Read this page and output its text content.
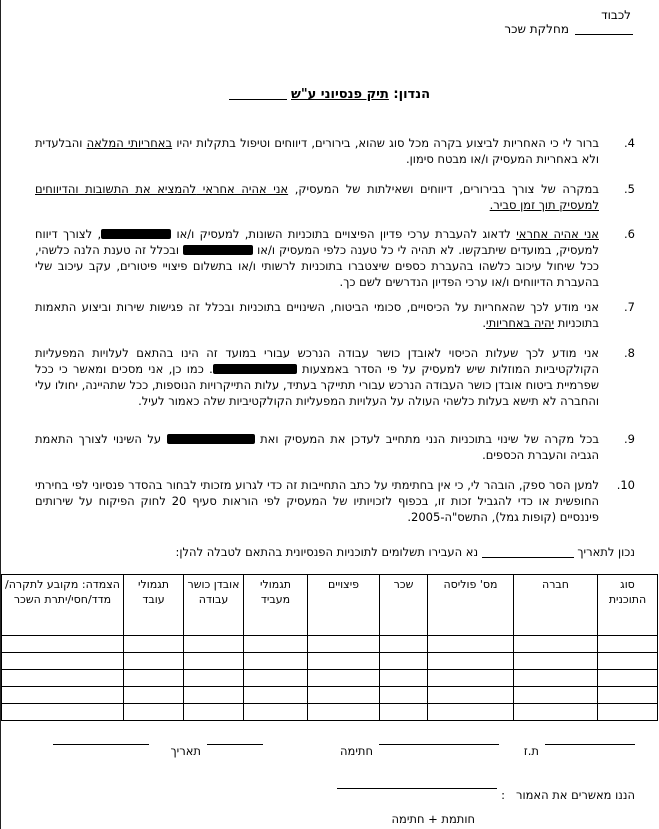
לכבוד
מחלקת שכר
הנדון: תיק פנסיוני ע"ש
4.
ברור לי כי האחריות לביצוע בקרה מכל סוג שהוא, בירורים, דיווחים וטיפול בתקלות יהיו באחריותי המלאה והבלעדית ולא באחריות המעסיק ו/או מבטח סימון.
5.
במקרה של צורך בבירורים, דיווחים ושאילתות של המעסיק, אני אהיה אחראי להמציא את התשובות והדיווחים למעסיק תוך זמן סביר.
6.
אני אהיה אחראי לדאוג להעברת ערכי פדיון הפיצויים בתוכניות השונות, למעסיק ו/או , לצורך דיווח למעסיק, במועדים שיתבקשו. לא תהיה לי כל טענה כלפי המעסיק ו/או  ובכלל זה טענת הלנה כלשהי, ככל שיחול עיכוב כלשהו בהעברת כספים שיצטברו בתוכניות לרשותי ו/או בתשלום פיצויי פיטורים, עקב עיכוב שלי בהעברת הדיווחים ו/או ערכי הפדיון הנדרשים לשם כך.
7.
אני מודע לכך שהאחריות על הכיסויים, סכומי הביטוח, השינויים בתוכניות ובכלל זה פגישות שירות וביצוע התאמות בתוכניות יהיה באחריותי.
8.
אני מודע לכך שעלות הכיסוי לאובדן כושר עבודה הנרכש עבורי במועד זה הינו בהתאם לעלויות המפעליות הקולקטיביות המוזלות שיש למעסיק על פי הסדר באמצעות . כמו כן, אני מסכים ומאשר כי ככל שפרמיית ביטוח אובדן כושר העבודה הנרכש עבורי תתייקר בעתיד, עלות התייקרויות הנוספות, ככל שתהיינה, יחולו עלי והחברה לא תישא בעלות כלשהי העולה על העלויות המפעליות הקולקטיביות שלה כאמור לעיל.
9.
בכל מקרה של שינוי בתוכניות הנני מתחייב לעדכן את המעסיק ואת  על השינוי לצורך התאמת הגביה והעברת הכספים.
10.
למען הסר ספק, הובהר לי, כי אין בחתימתי על כתב התחייבות זה כדי לגרוע מזכותי לבחור בהסדר פנסיוני לפי בחירתי החופשית או כדי להגביל זכות זו, בכפוף לזכויותיו של המעסיק לפי הוראות סעיף 20 לחוק הפיקוח על שירותים פיננסיים (קופות גמל), התשס"ה-2005.
נכון לתאריך  נא העבירו תשלומים לתוכניות הפנסיונית בהתאם לטבלה להלן:
סוג התוכנית	חברה	מס' פוליסה	שכר	פיצויים	תגמולי מעביד	אובדן כושר עבודה	תגמולי עובד	הצמדה: מקובע לתקרה/ מדד/חסי/יתרת השכר

ת.ז
חתימה
תאריך
הננו מאשרים את האמור
:
חותמת + חתימה
